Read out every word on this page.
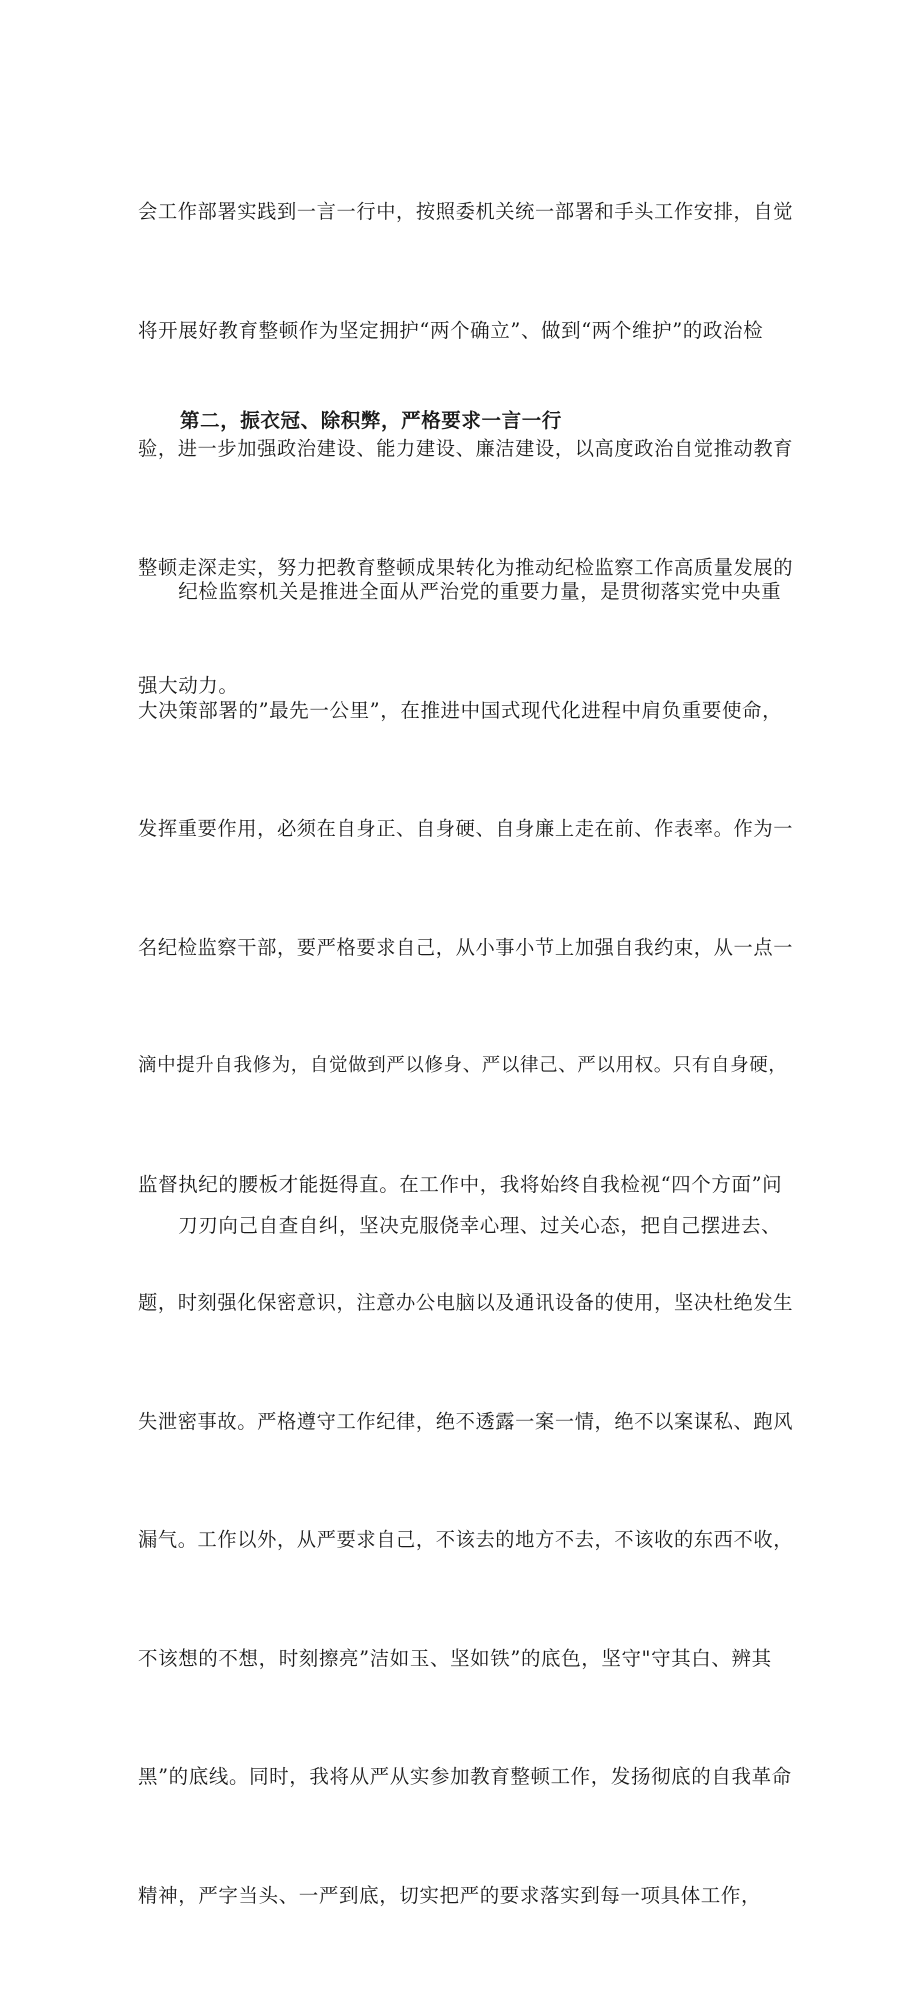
会工作部署实践到一言一行中，按照委机关统一部署和手头工作安排，自觉

将开展好教育整顿作为坚定拥护“两个确立”、做到“两个维护”的政治检

验，进一步加强政治建设、能力建设、廉洁建设，以高度政治自觉推动教育

整顿走深走实，努力把教育整顿成果转化为推动纪检监察工作高质量发展的

强大动力。

第二，振衣冠、除积弊，严格要求一言一行

　　纪检监察机关是推进全面从严治党的重要力量，是贯彻落实党中央重

大决策部署的”最先一公里”，在推进中国式现代化进程中肩负重要使命，

发挥重要作用，必须在自身正、自身硬、自身廉上走在前、作表率。作为一

名纪检监察干部，要严格要求自己，从小事小节上加强自我约束，从一点一

滴中提升自我修为，自觉做到严以修身、严以律己、严以用权。只有自身硬，

监督执纪的腰板才能挺得直。在工作中，我将始终自我检视“四个方面”问

题，时刻强化保密意识，注意办公电脑以及通讯设备的使用，坚决杜绝发生

失泄密事故。严格遵守工作纪律，绝不透露一案一情，绝不以案谋私、跑风

漏气。工作以外，从严要求自己，不该去的地方不去，不该收的东西不收，

不该想的不想，时刻擦亮”洁如玉、坚如铁”的底色，坚守"守其白、辨其

黑”的底线。同时，我将从严从实参加教育整顿工作，发扬彻底的自我革命

精神，严字当头、一严到底，切实把严的要求落实到每一项具体工作，

　　刀刃向己自查自纠，坚决克服侥幸心理、过关心态，把自己摆进去、
